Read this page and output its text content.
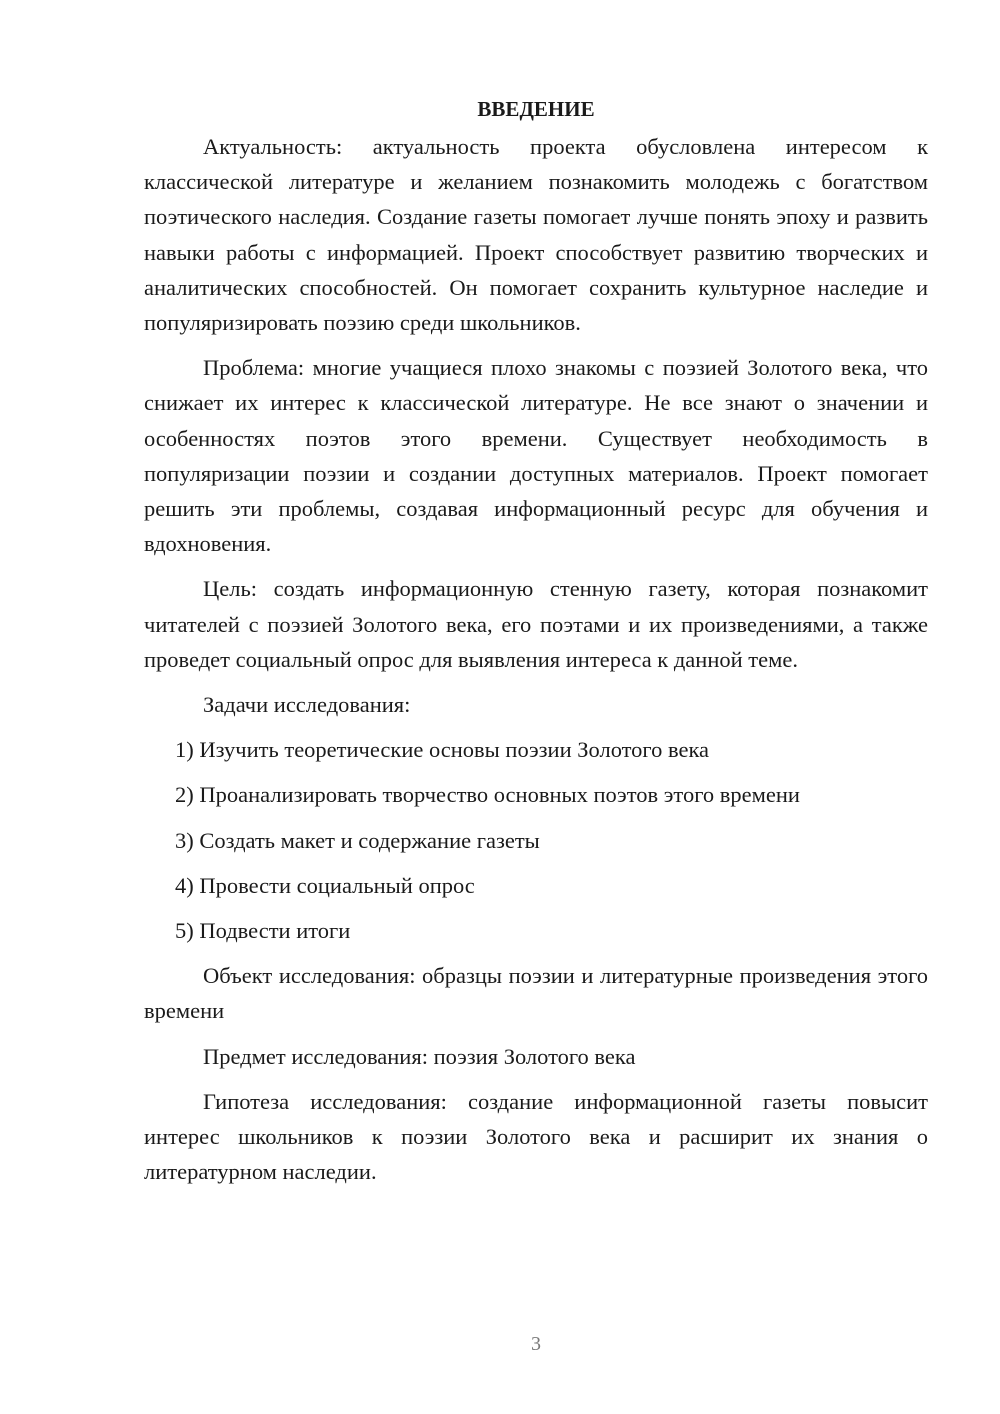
ВВЕДЕНИЕ

Актуальность: актуальность проекта обусловлена интересом к классической литературе и желанием познакомить молодежь с богатством поэтического наследия. Создание газеты помогает лучше понять эпоху и развить навыки работы с информацией. Проект способствует развитию творческих и аналитических способностей. Он помогает сохранить культурное наследие и популяризировать поэзию среди школьников.

Проблема: многие учащиеся плохо знакомы с поэзией Золотого века, что снижает их интерес к классической литературе. Не все знают о значении и особенностях поэтов этого времени. Существует необходимость в популяризации поэзии и создании доступных материалов. Проект помогает решить эти проблемы, создавая информационный ресурс для обучения и вдохновения.

Цель: создать информационную стенную газету, которая познакомит читателей с поэзией Золотого века, его поэтами и их произведениями, а также проведет социальный опрос для выявления интереса к данной теме.

Задачи исследования:

1) Изучить теоретические основы поэзии Золотого века

2) Проанализировать творчество основных поэтов этого времени

3) Создать макет и содержание газеты

4) Провести социальный опрос

5) Подвести итоги

Объект исследования: образцы поэзии и литературные произведения этого времени

Предмет исследования: поэзия Золотого века

Гипотеза исследования: создание информационной газеты повысит интерес школьников к поэзии Золотого века и расширит их знания о литературном наследии.

3
